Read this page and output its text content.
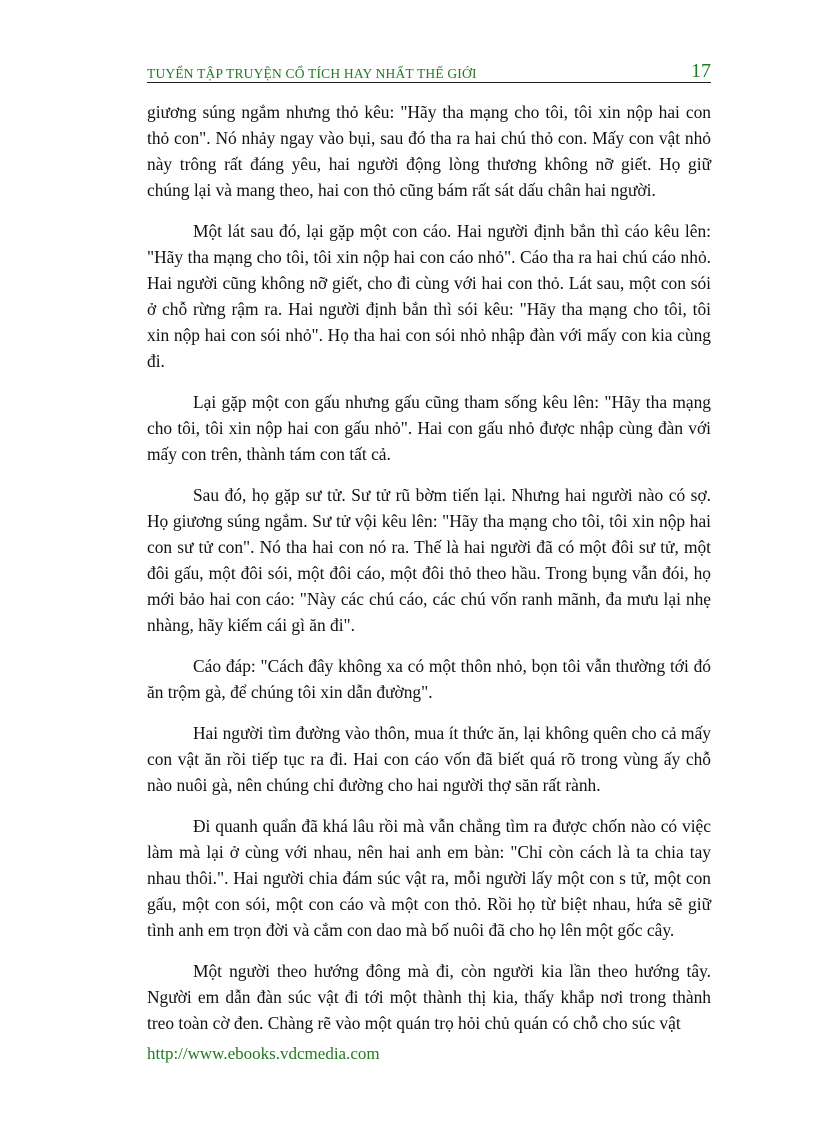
TUYỂN TẬP TRUYỆN CỔ TÍCH HAY NHẤT THẾ GIỚI	17

giương súng ngắm nhưng thỏ kêu: "Hãy tha mạng cho tôi, tôi xin nộp hai con thỏ con". Nó nhảy ngay vào bụi, sau đó tha ra hai chú thỏ con. Mấy con vật nhỏ này trông rất đáng yêu, hai người động lòng thương không nỡ giết. Họ giữ chúng lại và mang theo, hai con thỏ cũng bám rất sát dấu chân hai người.

Một lát sau đó, lại gặp một con cáo. Hai người định bắn thì cáo kêu lên: "Hãy tha mạng cho tôi, tôi xin nộp hai con cáo nhỏ". Cáo tha ra hai chú cáo nhỏ. Hai người cũng không nỡ giết, cho đi cùng với hai con thỏ. Lát sau, một con sói ở chỗ rừng rậm ra. Hai người định bắn thì sói kêu: "Hãy tha mạng cho tôi, tôi xin nộp hai con sói nhỏ". Họ tha hai con sói nhỏ nhập đàn với mấy con kia cùng đi.

Lại gặp một con gấu nhưng gấu cũng tham sống kêu lên: "Hãy tha mạng cho tôi, tôi xin nộp hai con gấu nhỏ". Hai con gấu nhỏ được nhập cùng đàn với mấy con trên, thành tám con tất cả.

Sau đó, họ gặp sư tử. Sư tử rũ bờm tiến lại. Nhưng hai người nào có sợ. Họ giương súng ngắm. Sư tử vội kêu lên: "Hãy tha mạng cho tôi, tôi xin nộp hai con sư tử con". Nó tha hai con nó ra. Thế là hai người đã có một đôi sư tử, một đôi gấu, một đôi sói, một đôi cáo, một đôi thỏ theo hầu. Trong bụng vẫn đói, họ mới bảo hai con cáo: "Này các chú cáo, các chú vốn ranh mãnh, đa mưu lại nhẹ nhàng, hãy kiếm cái gì ăn đi".

Cáo đáp: "Cách đây không xa có một thôn nhỏ, bọn tôi vẫn thường tới đó ăn trộm gà, để chúng tôi xin dẫn đường".

Hai người tìm đường vào thôn, mua ít thức ăn, lại không quên cho cả mấy con vật ăn rồi tiếp tục ra đi. Hai con cáo vốn đã biết quá rõ trong vùng ấy chỗ nào nuôi gà, nên chúng chỉ đường cho hai người thợ săn rất rành.

Đi quanh quẩn đã khá lâu rồi mà vẫn chẳng tìm ra được chốn nào có việc làm mà lại ở cùng với nhau, nên hai anh em bàn: "Chỉ còn cách là ta chia tay nhau thôi.". Hai người chia đám súc vật ra, mỗi người lấy một con s tử, một con gấu, một con sói, một con cáo và một con thỏ. Rồi họ từ biệt nhau, hứa sẽ giữ tình anh em trọn đời và cắm con dao mà bố nuôi đã cho họ lên một gốc cây.

Một người theo hướng đông mà đi, còn người kia lần theo hướng tây. Người em dẫn đàn súc vật đi tới một thành thị kia, thấy khắp nơi trong thành treo toàn cờ đen. Chàng rẽ vào một quán trọ hỏi chủ quán có chỗ cho súc vật

http://www.ebooks.vdcmedia.com
